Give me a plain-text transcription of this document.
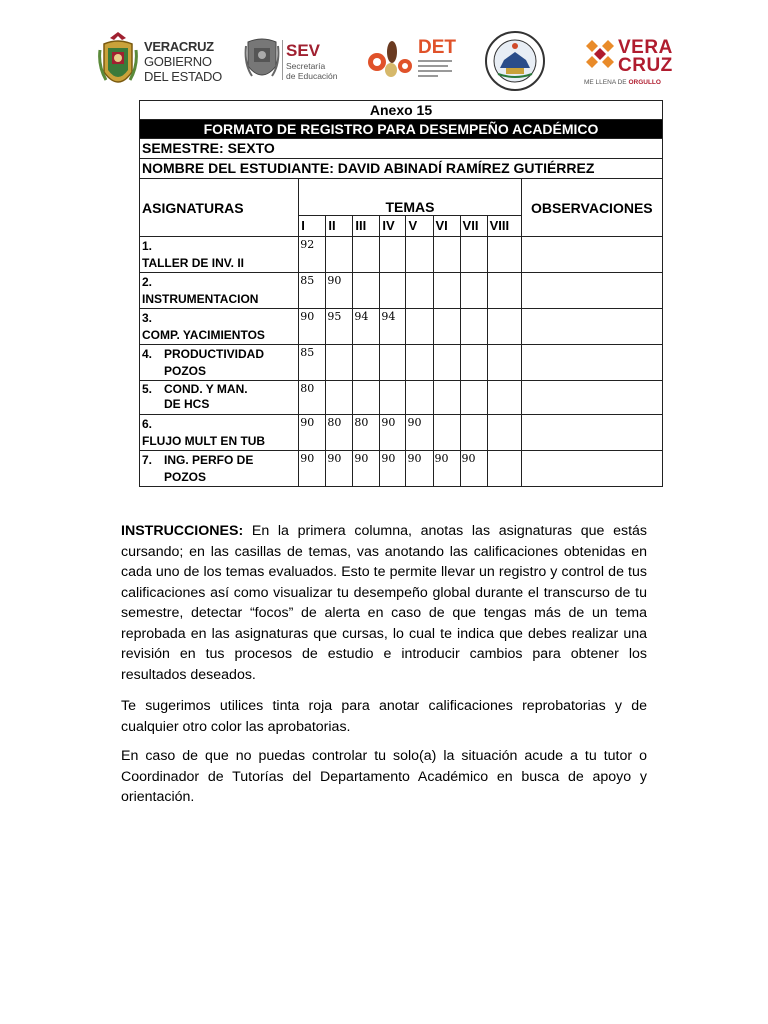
VERACRUZ
GOBIERNO
DEL ESTADO
SEV
Secretaría
de Educación
DET	VERA
CRUZ
ME LLENA DE ORGULLO
Anexo 15									
FORMATO DE REGISTRO PARA DESEMPEÑO ACADÉMICO									
SEMESTRE: SEXTO									
NOMBRE DEL ESTUDIANTE: DAVID ABINADÍ RAMÍREZ GUTIÉRREZ									
ASIGNATURAS	TEMAS								OBSERVACIONES
	I	II	III	IV	V	VI	VII	VIII	
1.TALLER DE INV. II	92								
2.INSTRUMENTACION	85	90							
3.COMP. YACIMIENTOS	90	95	94	94					
4. PRODUCTIVIDAD POZOS	85								
5. COND. Y MAN. DE HCS	80								
6.FLUJO MULT EN TUB	90	80	80	90	90				
7. ING. PERFO DE POZOS	90	90	90	90	90	90	90		

INSTRUCCIONES: En la primera columna, anotas las asignaturas que estás cursando; en las casillas de temas, vas anotando las calificaciones obtenidas en cada uno de los temas evaluados. Esto te permite llevar un registro y control de tus calificaciones así como visualizar tu desempeño global durante el transcurso de tu semestre, detectar “focos” de alerta en caso de que tengas más de un tema reprobada en las asignaturas que cursas, lo cual te indica que debes realizar una revisión en tus procesos de estudio e introducir cambios para obtener los resultados deseados.

Te sugerimos utilices tinta roja para anotar calificaciones reprobatorias y de cualquier otro color las aprobatorias.

En caso de que no puedas controlar tu solo(a) la situación acude a tu tutor o Coordinador de Tutorías del Departamento Académico en busca de apoyo y orientación.
